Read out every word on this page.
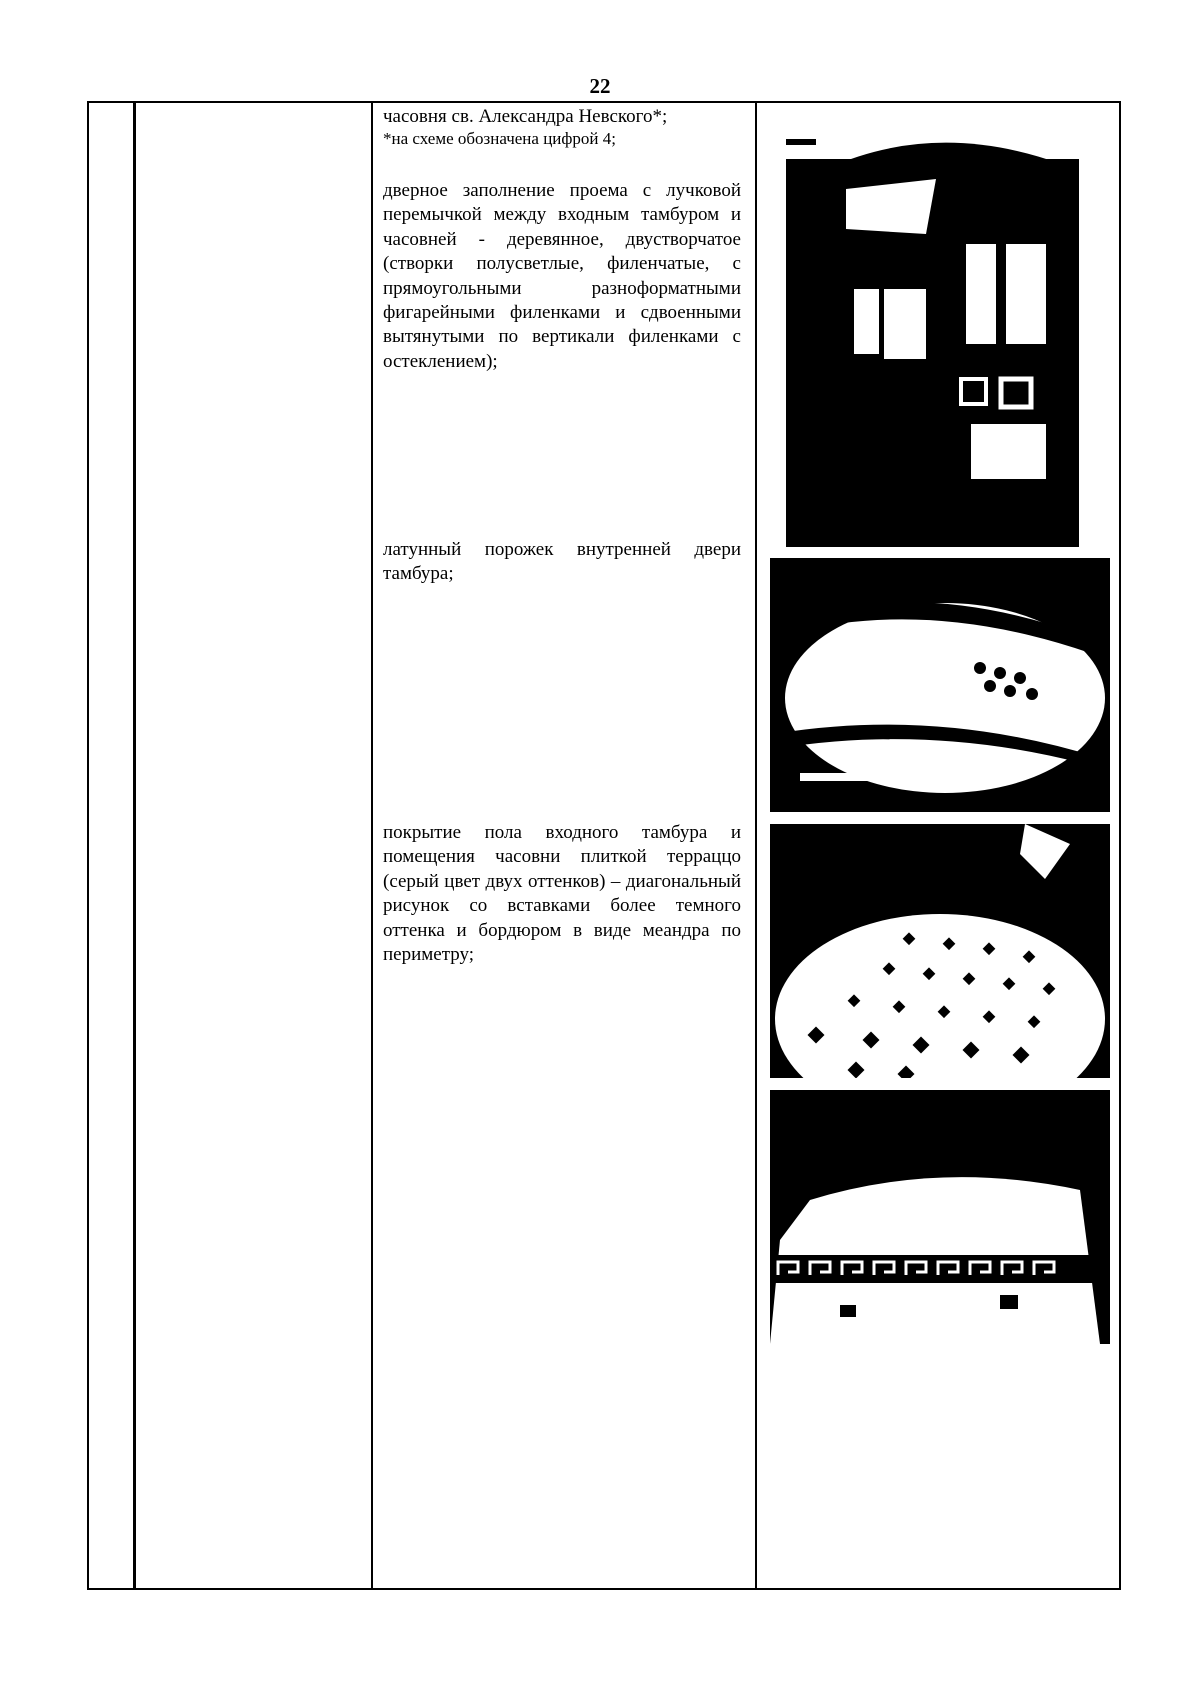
22
часовня св. Александра Невского*;
*на схеме обозначена цифрой 4;
дверное заполнение проема с лучковой перемычкой между входным тамбуром и часовней - деревянное, двустворчатое (створки полусветлые, филенчатые, с прямоугольными разноформатными фигарейными филенками и сдвоенными вытянутыми по вертикали филенками с остеклением);
латунный порожек внутренней двери тамбура;
покрытие пола входного тамбура и помещения часовни плиткой терраццо (серый цвет двух оттенков) – диагональный рисунок со вставками более темного оттенка и бордюром в виде меандра по периметру;
